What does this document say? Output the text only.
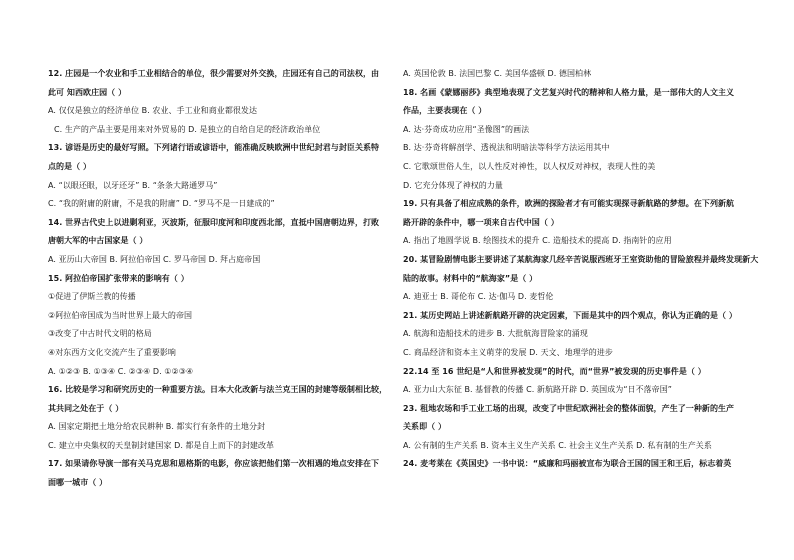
12. 庄园是一个农业和手工业相结合的单位，很少需要对外交换，庄园还有自己的司法权，由
此可 知西欧庄园（ ）
A. 仅仅是独立的经济单位 B. 农业、手工业和商业都很发达
C. 生产的产品主要是用来对外贸易的 D. 是独立的自给自足的经济政治单位
13. 谚语是历史的最好写照。下列诸行语或谚语中，能准确反映欧洲中世纪封君与封臣关系特
点的是（ ）
A. “以眼还眼，以牙还牙” B. “条条大路通罗马”
C. “我的附庸的附庸，不是我的附庸” D. “罗马不是一日建成的”
14. 世界古代史上以进剿利亚，灭波斯，征服印度河和印度西北部，直抵中国唐朝边界，打败
唐朝大军的中古国家是（ ）
A. 亚历山大帝国 B. 阿拉伯帝国 C. 罗马帝国 D. 拜占庭帝国
15. 阿拉伯帝国扩张带来的影响有（ ）
①促进了伊斯兰教的传播
②阿拉伯帝国成为当时世界上最大的帝国
③改变了中古时代文明的格局
④对东西方文化交流产生了重要影响
A. ①②③ B. ①③④ C. ②③④ D. ①②③④
16. 比较是学习和研究历史的一种重要方法。日本大化改新与法兰克王国的封建等级制相比较，
其共同之处在于（ ）
A. 国家定期把土地分给农民耕种 B. 都实行有条件的土地分封
C. 建立中央集权的天皇制封建国家 D. 都是自上而下的封建改革
17. 如果请你导演一部有关马克思和恩格斯的电影，你应该把他们第一次相遇的地点安排在下
面哪一城市（ ）
A. 英国伦敦 B. 法国巴黎 C. 美国华盛顿 D. 德国柏林
18. 名画《蒙娜丽莎》典型地表现了文艺复兴时代的精神和人格力量，是一部伟大的人文主义
作品，主要表现在（ ）
A. 达·芬奇成功应用“圣像图”的画法
B. 达·芬奇将解剖学、透视法和明暗法等科学方法运用其中
C. 它歌颂世俗人生，以人性反对神性，以人权反对神权，表现人性的美
D. 它充分体现了神权的力量
19. 只有具备了相应成熟的条件，欧洲的探险者才有可能实现探寻新航路的梦想。在下列新航
路开辟的条件中，哪一项来自古代中国（ ）
A. 指出了地圆学说 B. 绘图技术的提升 C. 造船技术的提高 D. 指南针的应用
20. 某冒险剧情电影主要讲述了某航海家几经辛苦说服西班牙王室资助他的冒险旅程并最终发现新大
陆的故事。材料中的“航海家”是（ ）
A. 迪亚士 B. 哥伦布 C. 达·伽马 D. 麦哲伦
21. 某历史网站上讲述新航路开辟的决定因素，下面是其中的四个观点，你认为正确的是（ ）
A. 航海和造船技术的进步 B. 大批航海冒险家的涌现
C. 商品经济和资本主义萌芽的发展 D. 天文、地理学的进步
22.14 至 16 世纪是“人和世界被发现”的时代，而“世界”被发现的历史事件是（ ）
A. 亚力山大东征 B. 基督教的传播 C. 新航路开辟 D. 英国成为“日不落帝国”
23. 租地农场和手工业工场的出现，改变了中世纪欧洲社会的整体面貌，产生了一种新的生产
关系即（ ）
A. 公有制的生产关系 B. 资本主义生产关系 C. 社会主义生产关系 D. 私有制的生产关系
24. 麦考莱在《英国史》一书中说：“威廉和玛丽被宣布为联合王国的国王和王后，标志着英
